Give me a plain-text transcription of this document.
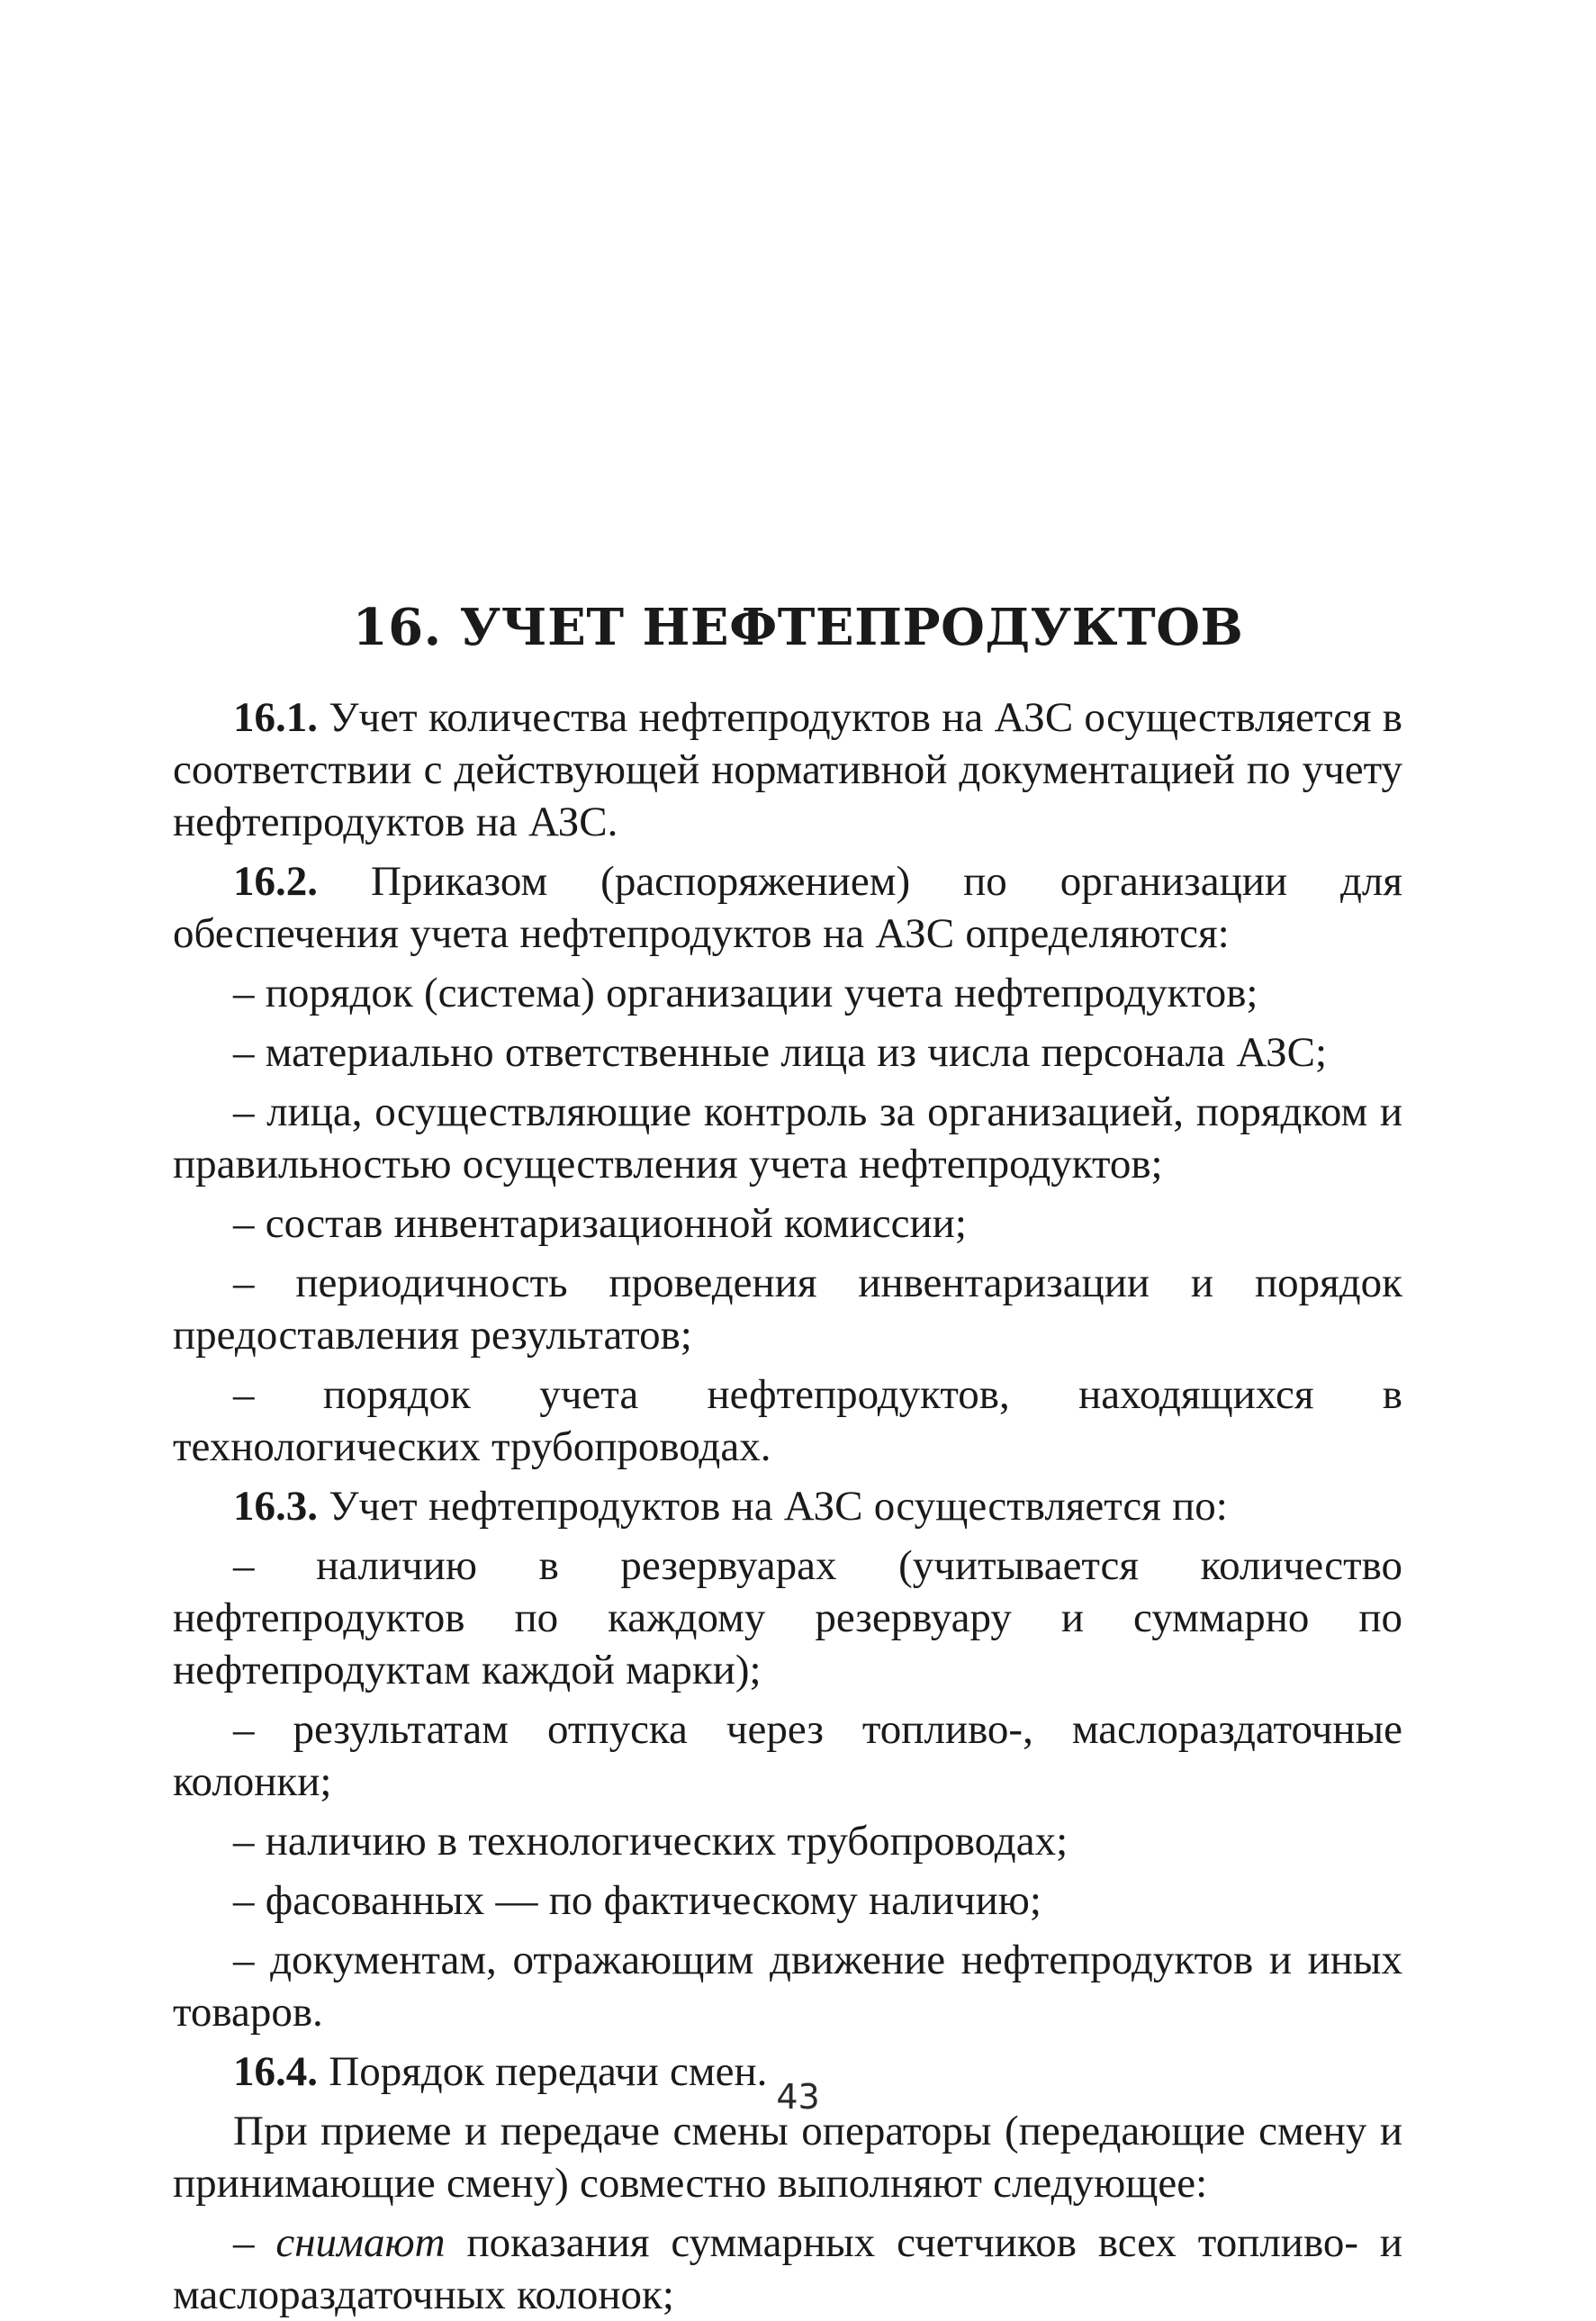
16. УЧЕТ НЕФТЕПРОДУКТОВ

16.1. Учет количества нефтепродуктов на АЗС осуществляется в соответствии с действующей нормативной документацией по учету нефтепродуктов на АЗС.

16.2. Приказом (распоряжением) по организации для обеспечения учета нефтепродуктов на АЗС определяются:

– порядок (система) организации учета нефтепродуктов;

– материально ответственные лица из числа персонала АЗС;

– лица, осуществляющие контроль за организацией, порядком и правильностью осуществления учета нефтепродуктов;

– состав инвентаризационной комиссии;

– периодичность проведения инвентаризации и порядок предоставления результатов;

– порядок учета нефтепродуктов, находящихся в технологических трубопроводах.

16.3. Учет нефтепродуктов на АЗС осуществляется по:

– наличию в резервуарах (учитывается количество нефтепродуктов по каждому резервуару и суммарно по нефтепродуктам каждой марки);

– результатам отпуска через топливо-, маслораздаточные колонки;

– наличию в технологических трубопроводах;

– фасованных — по фактическому наличию;

– документам, отражающим движение нефтепродуктов и иных товаров.

16.4. Порядок передачи смен.

При приеме и передаче смены операторы (передающие смену и принимающие смену) совместно выполняют следующее:

– снимают показания суммарных счетчиков всех топливо- и маслораздаточных колонок;

43
